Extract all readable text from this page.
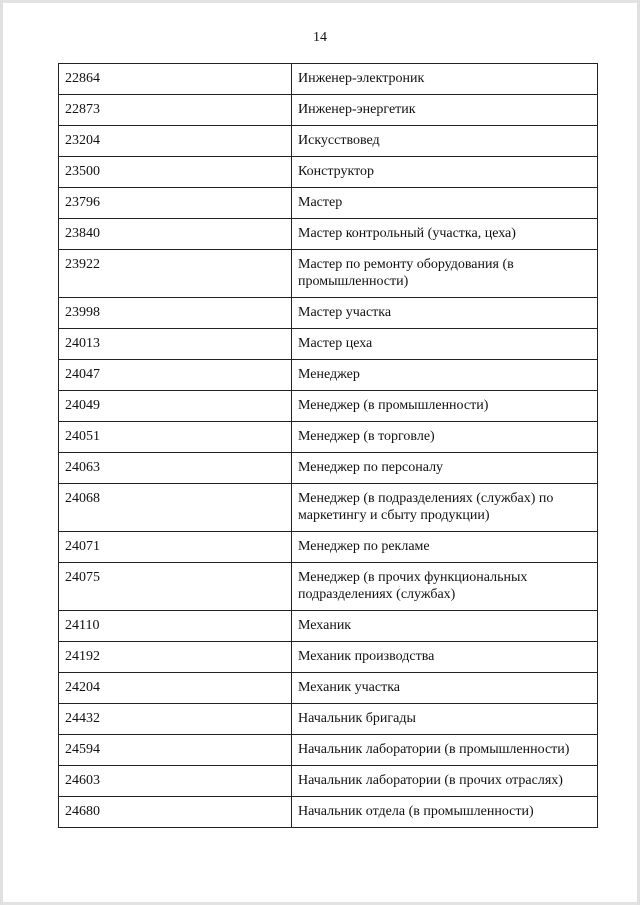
14
22864	Инженер-электроник
22873	Инженер-энергетик
23204	Искусствовед
23500	Конструктор
23796	Мастер
23840	Мастер контрольный (участка, цеха)
23922	Мастер по ремонту оборудования (в промышленности)
23998	Мастер участка
24013	Мастер цеха
24047	Менеджер
24049	Менеджер (в промышленности)
24051	Менеджер (в торговле)
24063	Менеджер по персоналу
24068	Менеджер (в подразделениях (службах) по маркетингу и сбыту продукции)
24071	Менеджер по рекламе
24075	Менеджер (в прочих функциональных подразделениях (службах)
24110	Механик
24192	Механик производства
24204	Механик участка
24432	Начальник бригады
24594	Начальник лаборатории (в промышленности)
24603	Начальник лаборатории (в прочих отраслях)
24680	Начальник отдела (в промышленности)
